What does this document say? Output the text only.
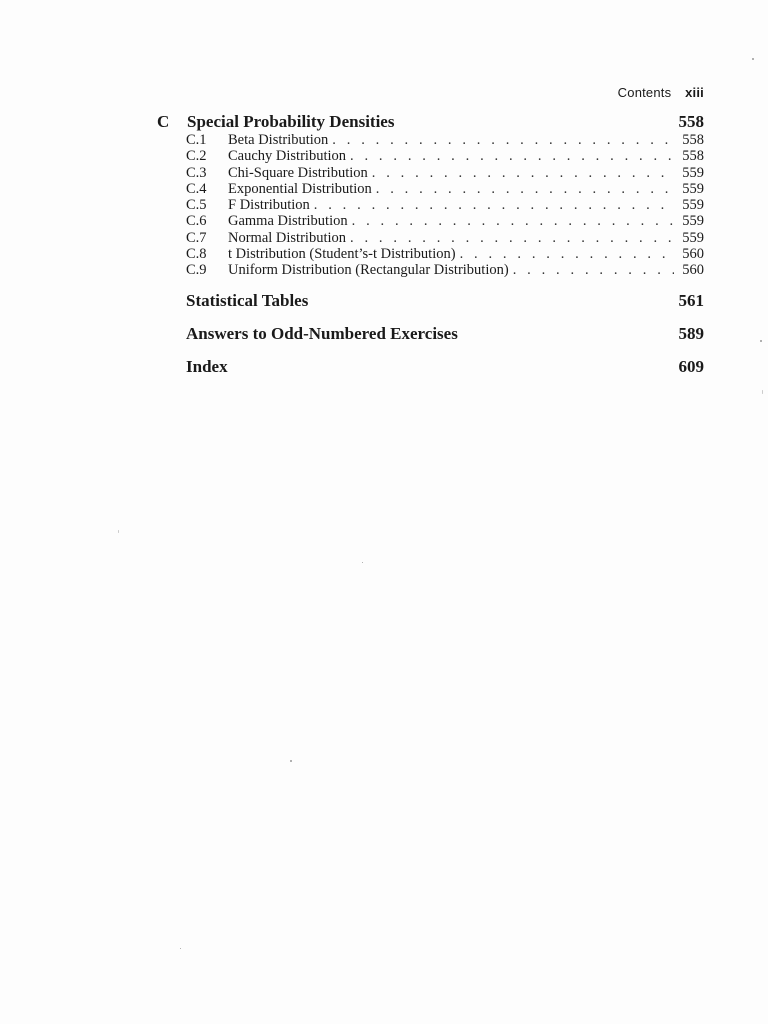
Contents xiii
C	Special Probability Densities	558
C.1	Beta Distribution . . .	558
C.2	Cauchy Distribution . . .	558
C.3	Chi-Square Distribution . . .	559
C.4	Exponential Distribution . . .	559
C.5	F Distribution . . .	559
C.6	Gamma Distribution . . .	559
C.7	Normal Distribution . . .	559
C.8	t Distribution (Student’s-t Distribution) . . .	560
C.9	Uniform Distribution (Rectangular Distribution) . . .	560
Statistical Tables	561
Answers to Odd-Numbered Exercises	589
Index	609
